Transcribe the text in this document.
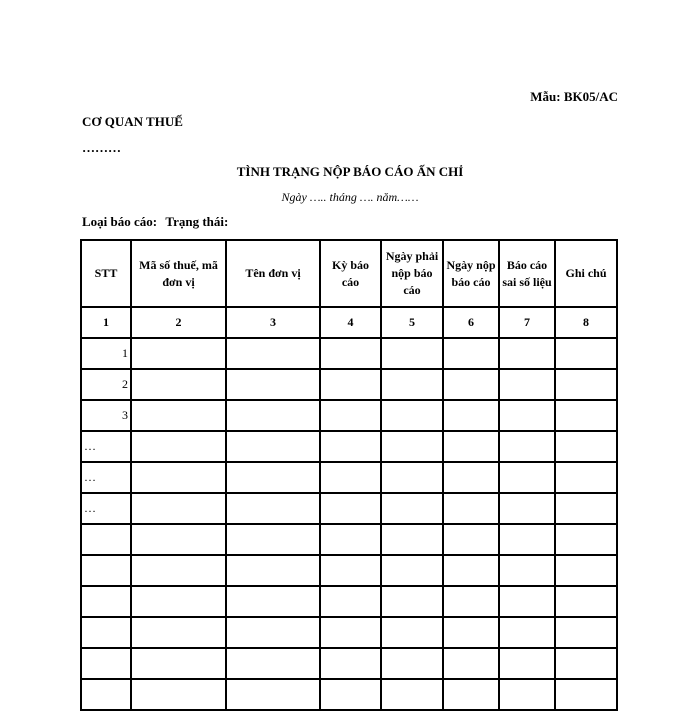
Mẫu: BK05/AC
CƠ QUAN THUẾ
………
TÌNH TRẠNG NỘP BÁO CÁO ẤN CHỈ
Ngày ….. tháng …. năm……
Loại báo cáo: Trạng thái:
STT	Mã số thuế, mã đơn vị	Tên đơn vị	Kỳ báo cáo	Ngày phải nộp báo cáo	Ngày nộp báo cáo	Báo cáo sai số liệu	Ghi chú
1	2	3	4	5	6	7	8
1							
2							
3							
…							
…							
…							
